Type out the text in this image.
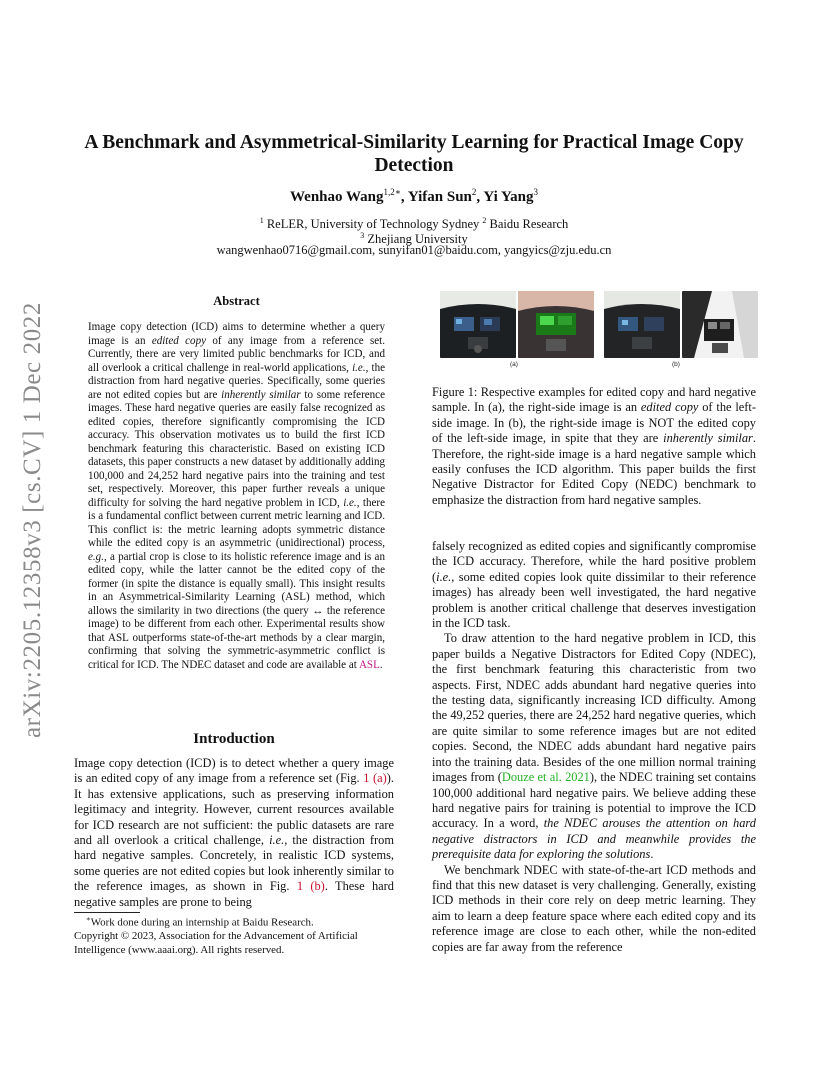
arXiv:2205.12358v3 [cs.CV] 1 Dec 2022
A Benchmark and Asymmetrical-Similarity Learning for Practical Image Copy Detection
Wenhao Wang$^{1,2∗}$, Yifan Sun$^2$, Yi Yang$^3$
$^1$ ReLER, University of Technology Sydney $^2$ Baidu Research
$^3$ Zhejiang University
wangwenhao0716@gmail.com, sunyifan01@baidu.com, yangyics@zju.edu.cn
Abstract
Image copy detection (ICD) aims to determine whether a query image is an edited copy of any image from a reference set. Currently, there are very limited public benchmarks for ICD, and all overlook a critical challenge in real-world applications, i.e., the distraction from hard negative queries. Specifically, some queries are not edited copies but are inherently similar to some reference images. These hard negative queries are easily false recognized as edited copies, therefore significantly compromising the ICD accuracy. This observation motivates us to build the first ICD benchmark featuring this characteristic. Based on existing ICD datasets, this paper constructs a new dataset by additionally adding 100,000 and 24,252 hard negative pairs into the training and test set, respectively. Moreover, this paper further reveals a unique difficulty for solving the hard negative problem in ICD, i.e., there is a fundamental conflict between current metric learning and ICD. This conflict is: the metric learning adopts symmetric distance while the edited copy is an asymmetric (unidirectional) process, e.g., a partial crop is close to its holistic reference image and is an edited copy, while the latter cannot be the edited copy of the former (in spite the distance is equally small). This insight results in an Asymmetrical-Similarity Learning (ASL) method, which allows the similarity in two directions (the query ↔ the reference image) to be different from each other. Experimental results show that ASL outperforms state-of-the-art methods by a clear margin, confirming that solving the symmetric-asymmetric conflict is critical for ICD. The NDEC dataset and code are available at ASL.
Introduction
Image copy detection (ICD) is to detect whether a query image is an edited copy of any image from a reference set (Fig. 1 (a)). It has extensive applications, such as preserving information legitimacy and integrity. However, current resources available for ICD research are not sufficient: the public datasets are rare and all overlook a critical challenge, i.e., the distraction from hard negative samples. Concretely, in realistic ICD systems, some queries are not edited copies but look inherently similar to the reference images, as shown in Fig. 1 (b). These hard negative samples are prone to being
∗Work done during an internship at Baidu Research.
Copyright © 2023, Association for the Advancement of Artificial Intelligence (www.aaai.org). All rights reserved.
(a)	(b)
Figure 1: Respective examples for edited copy and hard negative sample. In (a), the right-side image is an edited copy of the left-side image. In (b), the right-side image is NOT the edited copy of the left-side image, in spite that they are inherently similar. Therefore, the right-side image is a hard negative sample which easily confuses the ICD algorithm. This paper builds the first Negative Distractor for Edited Copy (NEDC) benchmark to emphasize the distraction from hard negative samples.

falsely recognized as edited copies and significantly compromise the ICD accuracy. Therefore, while the hard positive problem (i.e., some edited copies look quite dissimilar to their reference images) has already been well investigated, the hard negative problem is another critical challenge that deserves investigation in the ICD task.

To draw attention to the hard negative problem in ICD, this paper builds a Negative Distractors for Edited Copy (NDEC), the first benchmark featuring this characteristic from two aspects. First, NDEC adds abundant hard negative queries into the testing data, significantly increasing ICD difficulty. Among the 49,252 queries, there are 24,252 hard negative queries, which are quite similar to some reference images but are not edited copies. Second, the NDEC adds abundant hard negative pairs into the training data. Besides of the one million normal training images from (Douze et al. 2021), the NDEC training set contains 100,000 additional hard negative pairs. We believe adding these hard negative pairs for training is potential to improve the ICD accuracy. In a word, the NDEC arouses the attention on hard negative distractors in ICD and meanwhile provides the prerequisite data for exploring the solutions.

We benchmark NDEC with state-of-the-art ICD methods and find that this new dataset is very challenging. Generally, existing ICD methods in their core rely on deep metric learning. They aim to learn a deep feature space where each edited copy and its reference image are close to each other, while the non-edited copies are far away from the reference
